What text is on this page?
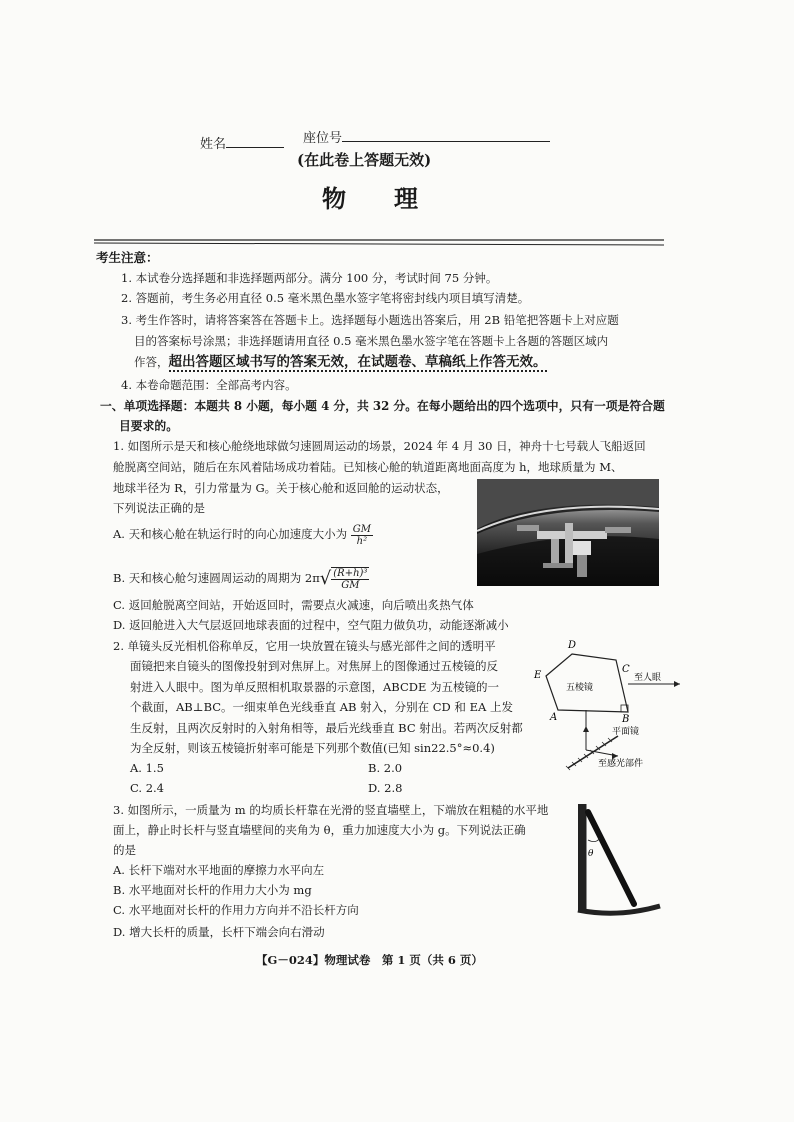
姓名	座位号
(在此卷上答题无效)
物　　理
考生注意：
1. 本试卷分选择题和非选择题两部分。满分 100 分，考试时间 75 分钟。
2. 答题前，考生务必用直径 0.5 毫米黑色墨水签字笔将密封线内项目填写清楚。
3. 考生作答时，请将答案答在答题卡上。选择题每小题选出答案后，用 2B 铅笔把答题卡上对应题
目的答案标号涂黑；非选择题请用直径 0.5 毫米黑色墨水签字笔在答题卡上各题的答题区域内
作答，超出答题区域书写的答案无效，在试题卷、草稿纸上作答无效。
4. 本卷命题范围：全部高考内容。
一、单项选择题：本题共 8 小题，每小题 4 分，共 32 分。在每小题给出的四个选项中，只有一项是符合题
目要求的。
1. 如图所示是天和核心舱绕地球做匀速圆周运动的场景，2024 年 4 月 30 日，神舟十七号载人飞船返回
舱脱离空间站，随后在东风着陆场成功着陆。已知核心舱的轨道距离地面高度为 h，地球质量为 M、
地球半径为 R，引力常量为 G。关于核心舱和返回舱的运动状态，
下列说法正确的是
A. 天和核心舱在轨运行时的向心加速度大小为 $\frac{GM}{\text{h²}}$
B. 天和核心舱匀速圆周运动的周期为 $2\pi√ \frac{\text{(R+h)³}}{GM}$
C. 返回舱脱离空间站，开始返回时，需要点火减速，向后喷出炙热气体
D. 返回舱进入大气层返回地球表面的过程中，空气阻力做负功，动能逐渐减小
2. 单镜头反光相机俗称单反，它用一块放置在镜头与感光部件之间的透明平
面镜把来自镜头的图像投射到对焦屏上。对焦屏上的图像通过五棱镜的反
射进入人眼中。图为单反照相机取景器的示意图，ABCDE 为五棱镜的一
个截面，AB⊥BC。一细束单色光线垂直 AB 射入，分别在 CD 和 EA 上发
生反射，且两次反射时的入射角相等，最后光线垂直 BC 射出。若两次反射都
为全反射，则该五棱镜折射率可能是下列那个数值(已知 sin22.5°≈0.4)
A. 1.5	B. 2.0
C. 2.4	D. 2.8
D
C
E
A	B
五棱镜
至人眼
平面镜
至感光部件
3. 如图所示，一质量为 m 的均质长杆靠在光滑的竖直墙壁上，下端放在粗糙的水平地
面上，静止时长杆与竖直墙壁间的夹角为 θ，重力加速度大小为 g。下列说法正确
的是
A. 长杆下端对水平地面的摩擦力水平向左
B. 水平地面对长杆的作用力大小为 mg
C. 水平地面对长杆的作用力方向并不沿长杆方向
D. 增大长杆的质量，长杆下端会向右滑动
θ
【G－024】物理试卷　第 1 页（共 6 页）
